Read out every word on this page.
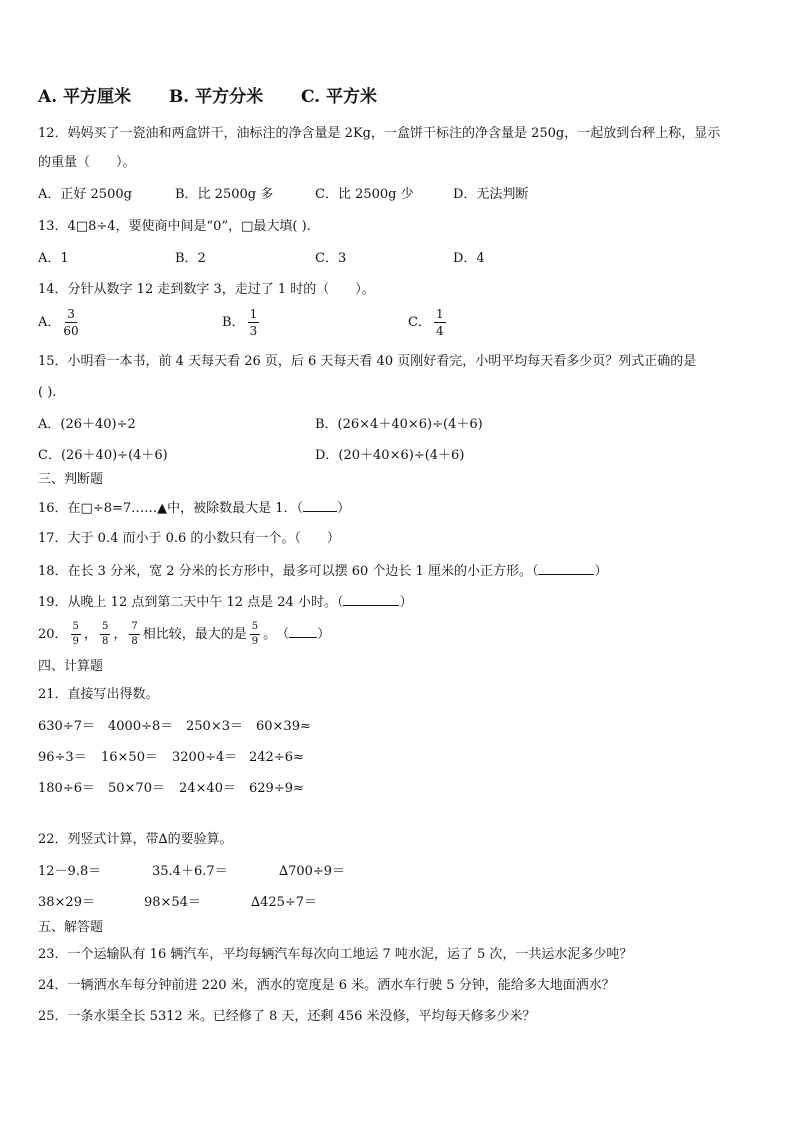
A. 平方厘米 B. 平方分米 C. 平方米
12．妈妈买了一瓷油和两盒饼干，油标注的净含量是 2Kg，一盒饼干标注的净含量是 250g，一起放到台秤上称，显示
的重量（　　）。
A．正好 2500g	B．比 2500g 多	C．比 2500g 少	D．无法判断
13．4□8÷4，要使商中间是“0”，□最大填( ).
A．1	B．2	C．3	D．4
14．分针从数字 12 走到数字 3，走过了 1 时的（　　）。
A． $\frac{3}{60}$	B． $\frac{1}{3}$	C． $\frac{1}{4}$
15．小明看一本书，前 4 天每天看 26 页，后 6 天每天看 40 页刚好看完，小明平均每天看多少页？列式正确的是
( ).
A．(26＋40)÷2	B．(26×4＋40×6)÷(4＋6)
C．(26＋40)÷(4＋6)	D．(20＋40×6)÷(4＋6)
三、判断题
16．在□÷8=7……▲中，被除数最大是 1．（	）
17．大于 0.4 而小于 0.6 的小数只有一个。（　　）
18．在长 3 分米，宽 2 分米的长方形中，最多可以摆 60 个边长 1 厘米的小正方形。（	）
19．从晚上 12 点到第二天中午 12 点是 24 小时。（	）
20． $\frac{5}{9}$ ， $\frac{5}{8}$ ， $\frac{7}{8}$ 相比较，最大的是 $\frac{5}{9}$ 。　（ ）
四、计算题
21．直接写出得数。
630÷7＝ 4000÷8＝ 250×3＝ 60×39≈
96÷3＝ 16×50＝ 3200÷4＝ 242÷6≈
180÷6＝ 50×70＝ 24×40＝ 629÷9≈
22．列竖式计算，带∆的要验算。
12－9.8＝	35.4＋6.7＝	∆700÷9＝
38×29＝	98×54＝	∆425÷7＝
五、解答题
23．一个运输队有 16 辆汽车，平均每辆汽车每次向工地运 7 吨水泥，运了 5 次，一共运水泥多少吨？
24．一辆洒水车每分钟前进 220 米，洒水的宽度是 6 米。洒水车行驶 5 分钟，能给多大地面洒水？
25．一条水渠全长 5312 米。已经修了 8 天，还剩 456 米没修，平均每天修多少米？
